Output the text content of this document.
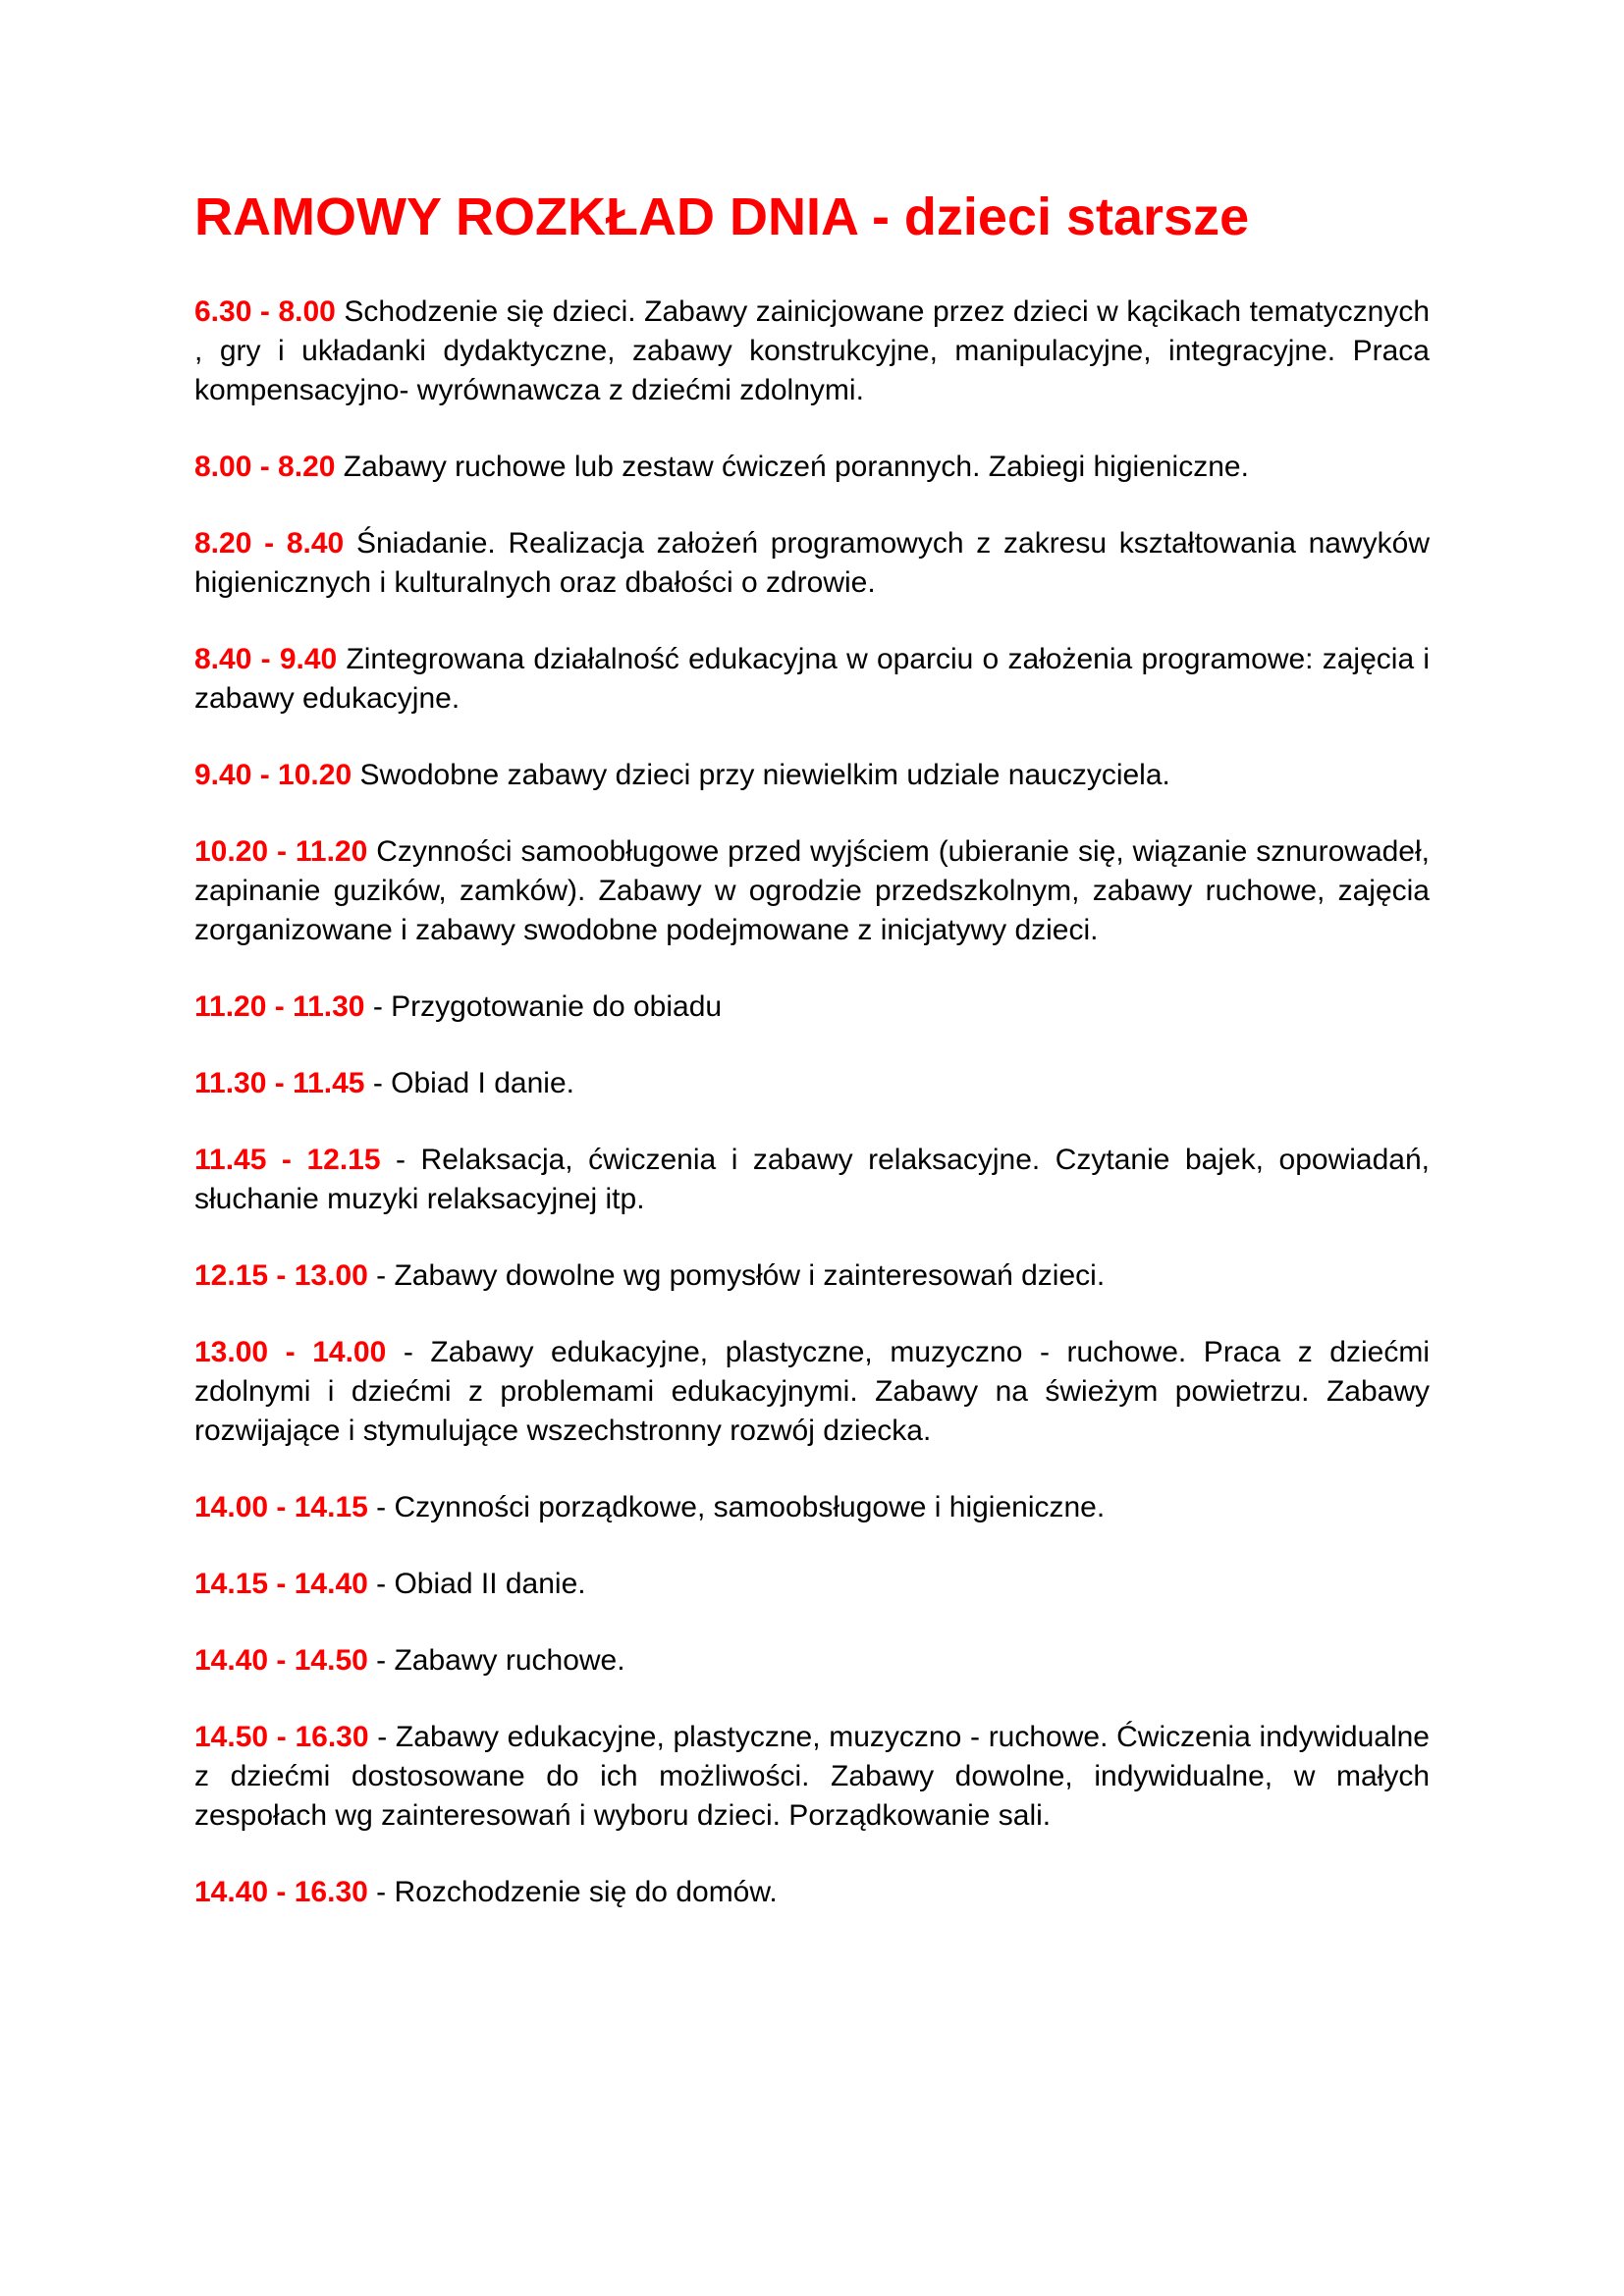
RAMOWY ROZKŁAD DNIA - dzieci starsze

6.30 - 8.00 Schodzenie się dzieci. Zabawy zainicjowane przez dzieci w kącikach tematycznych , gry i układanki dydaktyczne, zabawy konstrukcyjne, manipulacyjne, integracyjne. Praca kompensacyjno- wyrównawcza z dziećmi zdolnymi.

8.00 - 8.20 Zabawy ruchowe lub zestaw ćwiczeń porannych. Zabiegi higieniczne.

8.20 - 8.40 Śniadanie. Realizacja założeń programowych z zakresu kształtowania nawyków higienicznych i kulturalnych oraz dbałości o zdrowie.

8.40 - 9.40 Zintegrowana działalność edukacyjna w oparciu o założenia programowe: zajęcia i zabawy edukacyjne.

9.40 - 10.20 Swodobne zabawy dzieci przy niewielkim udziale nauczyciela.

10.20 - 11.20 Czynności samoobługowe przed wyjściem (ubieranie się, wiązanie sznurowadeł, zapinanie guzików, zamków). Zabawy w ogrodzie przedszkolnym, zabawy ruchowe, zajęcia zorganizowane i zabawy swodobne podejmowane z inicjatywy dzieci.

11.20 - 11.30 - Przygotowanie do obiadu

11.30 - 11.45 - Obiad I danie.

11.45 - 12.15 - Relaksacja, ćwiczenia i zabawy relaksacyjne. Czytanie bajek, opowiadań, słuchanie muzyki relaksacyjnej itp.

12.15 - 13.00 - Zabawy dowolne wg pomysłów i zainteresowań dzieci.

13.00 - 14.00 - Zabawy edukacyjne, plastyczne, muzyczno - ruchowe. Praca z dziećmi zdolnymi i dziećmi z problemami edukacyjnymi. Zabawy na świeżym powietrzu. Zabawy rozwijające i stymulujące wszechstronny rozwój dziecka.

14.00 - 14.15 - Czynności porządkowe, samoobsługowe i higieniczne.

14.15 - 14.40 - Obiad II danie.

14.40 - 14.50 - Zabawy ruchowe.

14.50 - 16.30 - Zabawy edukacyjne, plastyczne, muzyczno - ruchowe. Ćwiczenia indywidualne z dziećmi dostosowane do ich możliwości. Zabawy dowolne, indywidualne, w małych zespołach wg zainteresowań i wyboru dzieci. Porządkowanie sali.

14.40 - 16.30 - Rozchodzenie się do domów.
